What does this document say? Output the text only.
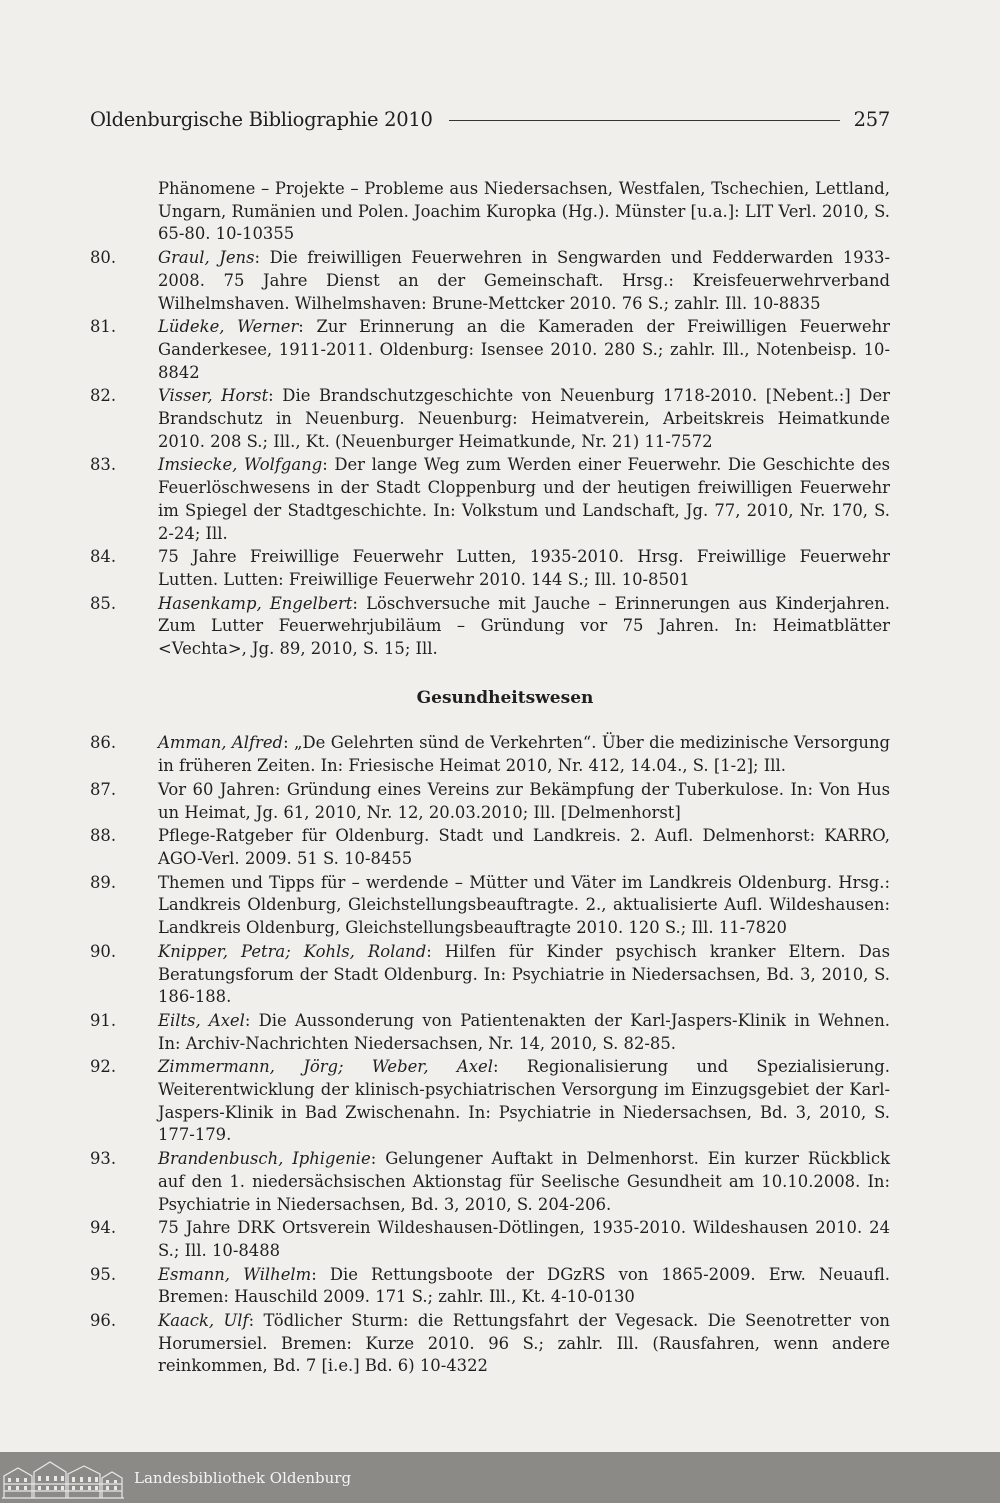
Oldenburgische Bibliographie 2010	257
Phänomene – Projekte – Probleme aus Niedersachsen, Westfalen, Tschechien, Lettland, Ungarn, Rumänien und Polen. Joachim Kuropka (Hg.). Münster [u.a.]: LIT Verl. 2010, S. 65-80. 10-10355
80.	Graul, Jens: Die freiwilligen Feuerwehren in Sengwarden und Fedderwarden 1933-2008. 75 Jahre Dienst an der Gemeinschaft. Hrsg.: Kreisfeuerwehrverband Wilhelmshaven. Wilhelmshaven: Brune-Mettcker 2010. 76 S.; zahlr. Ill. 10-8835
81.	Lüdeke, Werner: Zur Erinnerung an die Kameraden der Freiwilligen Feuerwehr Ganderkesee, 1911-2011. Oldenburg: Isensee 2010. 280 S.; zahlr. Ill., Notenbeisp. 10-8842
82.	Visser, Horst: Die Brandschutzgeschichte von Neuenburg 1718-2010. [Nebent.:] Der Brandschutz in Neuenburg. Neuenburg: Heimatverein, Arbeitskreis Heimatkunde 2010. 208 S.; Ill., Kt. (Neuenburger Heimatkunde, Nr. 21) 11-7572
83.	Imsiecke, Wolfgang: Der lange Weg zum Werden einer Feuerwehr. Die Geschichte des Feuerlöschwesens in der Stadt Cloppenburg und der heutigen freiwilligen Feuerwehr im Spiegel der Stadtgeschichte. In: Volkstum und Landschaft, Jg. 77, 2010, Nr. 170, S. 2-24; Ill.
84.	75 Jahre Freiwillige Feuerwehr Lutten, 1935-2010. Hrsg. Freiwillige Feuerwehr Lutten. Lutten: Freiwillige Feuerwehr 2010. 144 S.; Ill. 10-8501
85.	Hasenkamp, Engelbert: Löschversuche mit Jauche – Erinnerungen aus Kinderjahren. Zum Lutter Feuerwehrjubiläum – Gründung vor 75 Jahren. In: Heimatblätter <Vechta>, Jg. 89, 2010, S. 15; Ill.
Gesundheitswesen
86.	Amman, Alfred: „De Gelehrten sünd de Verkehrten“. Über die medizinische Versorgung in früheren Zeiten. In: Friesische Heimat 2010, Nr. 412, 14.04., S. [1-2]; Ill.
87.	Vor 60 Jahren: Gründung eines Vereins zur Bekämpfung der Tuberkulose. In: Von Hus un Heimat, Jg. 61, 2010, Nr. 12, 20.03.2010; Ill. [Delmenhorst]
88.	Pflege-Ratgeber für Oldenburg. Stadt und Landkreis. 2. Aufl. Delmenhorst: KARRO, AGO-Verl. 2009. 51 S. 10-8455
89.	Themen und Tipps für – werdende – Mütter und Väter im Landkreis Oldenburg. Hrsg.: Landkreis Oldenburg, Gleichstellungsbeauftragte. 2., aktualisierte Aufl. Wildeshausen: Landkreis Oldenburg, Gleichstellungsbeauftragte 2010. 120 S.; Ill. 11-7820
90.	Knipper, Petra; Kohls, Roland: Hilfen für Kinder psychisch kranker Eltern. Das Beratungsforum der Stadt Oldenburg. In: Psychiatrie in Niedersachsen, Bd. 3, 2010, S. 186-188.
91.	Eilts, Axel: Die Aussonderung von Patientenakten der Karl-Jaspers-Klinik in Wehnen. In: Archiv-Nachrichten Niedersachsen, Nr. 14, 2010, S. 82-85.
92.	Zimmermann, Jörg; Weber, Axel: Regionalisierung und Spezialisierung. Weiterentwicklung der klinisch-psychiatrischen Versorgung im Einzugsgebiet der Karl-Jaspers-Klinik in Bad Zwischenahn. In: Psychiatrie in Niedersachsen, Bd. 3, 2010, S. 177-179.
93.	Brandenbusch, Iphigenie: Gelungener Auftakt in Delmenhorst. Ein kurzer Rückblick auf den 1. niedersächsischen Aktionstag für Seelische Gesundheit am 10.10.2008. In: Psychiatrie in Niedersachsen, Bd. 3, 2010, S. 204-206.
94.	75 Jahre DRK Ortsverein Wildeshausen-Dötlingen, 1935-2010. Wildeshausen 2010. 24 S.; Ill. 10-8488
95.	Esmann, Wilhelm: Die Rettungsboote der DGzRS von 1865-2009. Erw. Neuaufl. Bremen: Hauschild 2009. 171 S.; zahlr. Ill., Kt. 4-10-0130
96.	Kaack, Ulf: Tödlicher Sturm: die Rettungsfahrt der Vegesack. Die Seenotretter von Horumersiel. Bremen: Kurze 2010. 96 S.; zahlr. Ill. (Rausfahren, wenn andere reinkommen, Bd. 7 [i.e.] Bd. 6) 10-4322
Landesbibliothek Oldenburg
